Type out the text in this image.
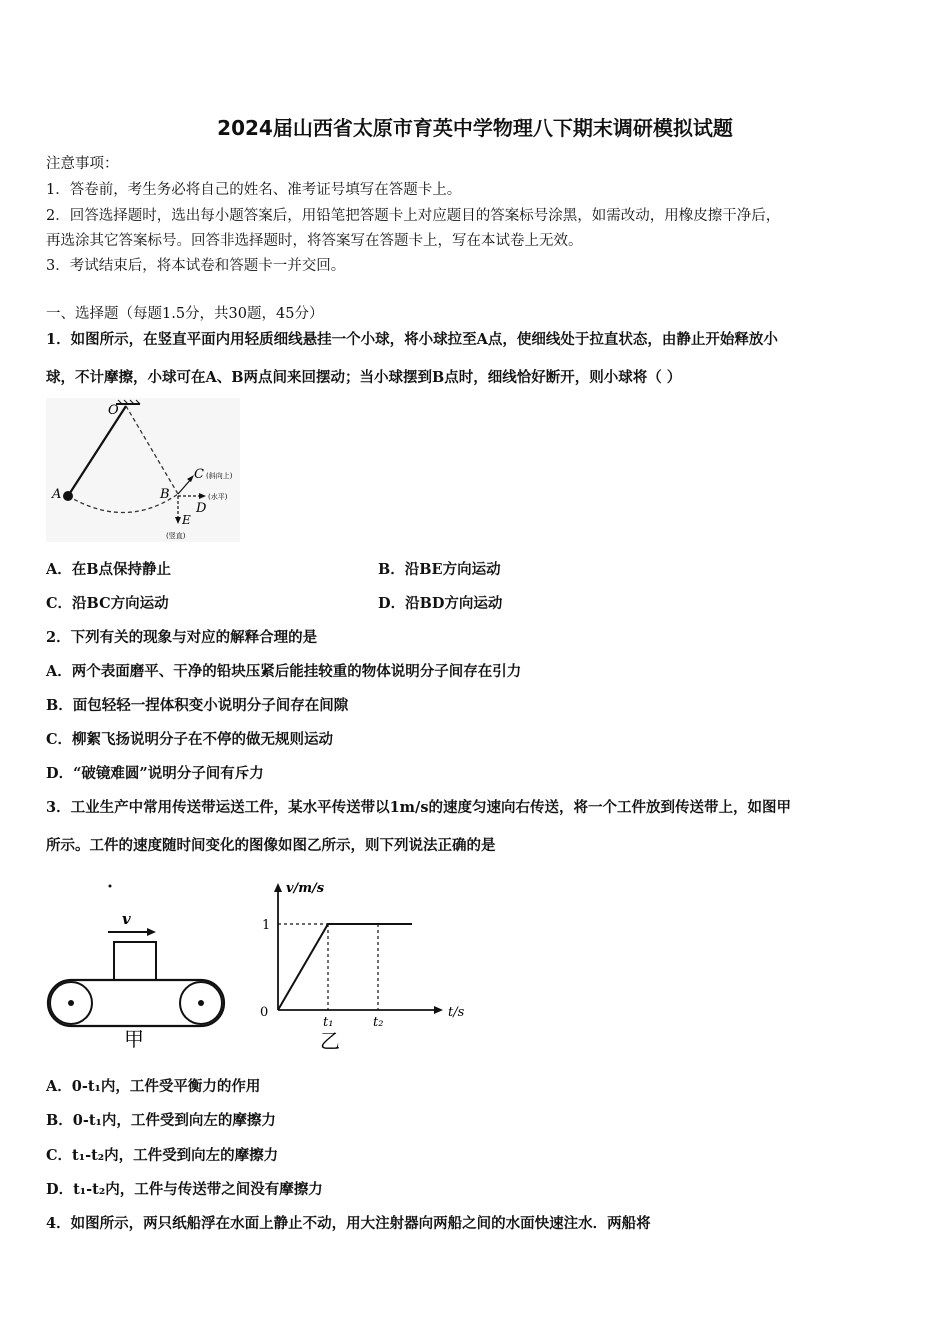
2024届山西省太原市育英中学物理八下期末调研模拟试题
注意事项：
1．答卷前，考生务必将自己的姓名、准考证号填写在答题卡上。
2．回答选择题时，选出每小题答案后，用铅笔把答题卡上对应题目的答案标号涂黑，如需改动，用橡皮擦干净后，
再选涂其它答案标号。回答非选择题时，将答案写在答题卡上，写在本试卷上无效。
3．考试结束后，将本试卷和答题卡一并交回。
一、选择题（每题1.5分，共30题，45分）
1．如图所示，在竖直平面内用轻质细线悬挂一个小球，将小球拉至A点，使细线处于拉直状态，由静止开始释放小
球，不计摩擦，小球可在A、B两点间来回摆动；当小球摆到B点时，细线恰好断开，则小球将（ ）
O
A	B
C (斜向上)
(水平)
D
E
(竖直)
A．在B点保持静止	B．沿BE方向运动
C．沿BC方向运动	D．沿BD方向运动
2．下列有关的现象与对应的解释合理的是
A．两个表面磨平、干净的铅块压紧后能挂较重的物体说明分子间存在引力
B．面包轻轻一捏体积变小说明分子间存在间隙
C．柳絮飞扬说明分子在不停的做无规则运动
D．“破镜难圆”说明分子间有斥力
3．工业生产中常用传送带运送工件，某水平传送带以1m/s的速度匀速向右传送，将一个工件放到传送带上，如图甲
所示。工件的速度随时间变化的图像如图乙所示，则下列说法正确的是
v
甲
v/m/s
t/s
0
t₁	t₂
1
乙
A．0-t₁内，工件受平衡力的作用
B．0-t₁内，工件受到向左的摩擦力
C．t₁-t₂内，工件受到向左的摩擦力
D．t₁-t₂内，工件与传送带之间没有摩擦力
4．如图所示，两只纸船浮在水面上静止不动，用大注射器向两船之间的水面快速注水．两船将
